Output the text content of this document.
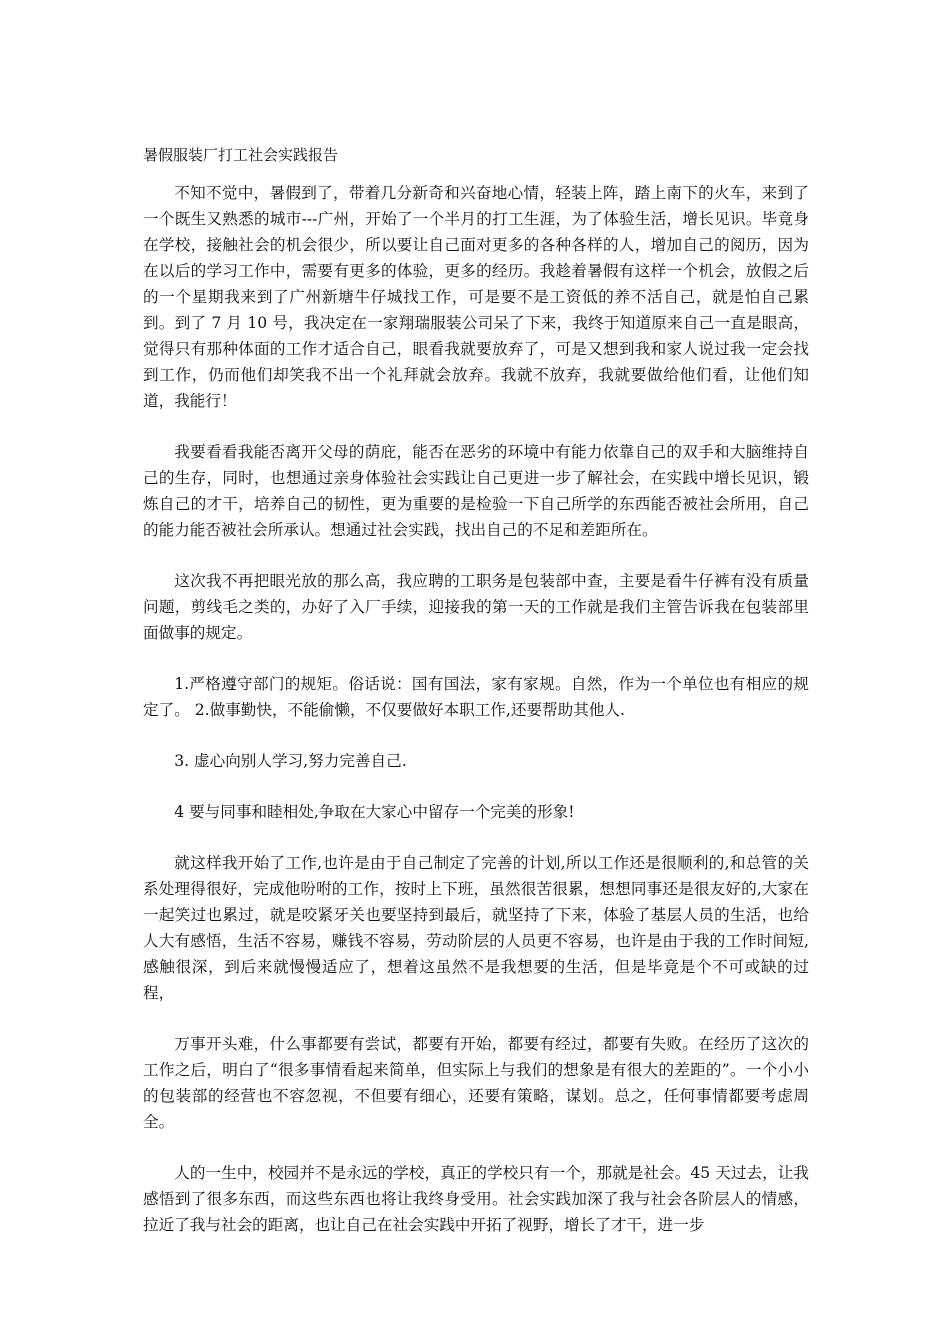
暑假服装厂打工社会实践报告

不知不觉中，暑假到了，带着几分新奇和兴奋地心情，轻装上阵，踏上南下的火车，来到了一个既生又熟悉的城市---广州，开始了一个半月的打工生涯，为了体验生活，增长见识。毕竟身在学校，接触社会的机会很少，所以要让自己面对更多的各种各样的人，增加自己的阅历，因为在以后的学习工作中，需要有更多的体验，更多的经历。我趁着暑假有这样一个机会，放假之后的一个星期我来到了广州新塘牛仔城找工作，可是要不是工资低的养不活自己，就是怕自己累到。到了 7 月 10 号，我决定在一家翔瑞服装公司呆了下来，我终于知道原来自己一直是眼高，觉得只有那种体面的工作才适合自己，眼看我就要放弃了，可是又想到我和家人说过我一定会找到工作，仍而他们却笑我不出一个礼拜就会放弃。我就不放弃，我就要做给他们看，让他们知道，我能行！

我要看看我能否离开父母的荫庇，能否在恶劣的环境中有能力依靠自己的双手和大脑维持自己的生存，同时，也想通过亲身体验社会实践让自己更进一步了解社会，在实践中增长见识，锻炼自己的才干，培养自己的韧性，更为重要的是检验一下自己所学的东西能否被社会所用，自己的能力能否被社会所承认。想通过社会实践，找出自己的不足和差距所在。

这次我不再把眼光放的那么高，我应聘的工职务是包装部中查，主要是看牛仔裤有没有质量问题，剪线毛之类的，办好了入厂手续，迎接我的第一天的工作就是我们主管告诉我在包装部里面做事的规定。

1.严格遵守部门的规矩。俗话说：国有国法，家有家规。自然，作为一个单位也有相应的规定了。 2.做事勤快，不能偷懒，不仅要做好本职工作,还要帮助其他人.

3. 虚心向别人学习,努力完善自己.

4 要与同事和睦相处,争取在大家心中留存一个完美的形象!

就这样我开始了工作,也许是由于自己制定了完善的计划,所以工作还是很顺利的,和总管的关系处理得很好，完成他吩咐的工作，按时上下班，虽然很苦很累，想想同事还是很友好的,大家在一起笑过也累过，就是咬紧牙关也要坚持到最后，就坚持了下来，体验了基层人员的生活，也给人大有感悟，生活不容易，赚钱不容易，劳动阶层的人员更不容易，也许是由于我的工作时间短,感触很深，到后来就慢慢适应了，想着这虽然不是我想要的生活，但是毕竟是个不可或缺的过程，

万事开头难，什么事都要有尝试，都要有开始，都要有经过，都要有失败。在经历了这次的工作之后，明白了“很多事情看起来简单，但实际上与我们的想象是有很大的差距的”。一个小小的包装部的经营也不容忽视，不但要有细心，还要有策略，谋划。总之，任何事情都要考虑周全。

人的一生中，校园并不是永远的学校，真正的学校只有一个，那就是社会。45 天过去，让我感悟到了很多东西，而这些东西也将让我终身受用。社会实践加深了我与社会各阶层人的情感，拉近了我与社会的距离，也让自己在社会实践中开拓了视野，增长了才干，进一步
